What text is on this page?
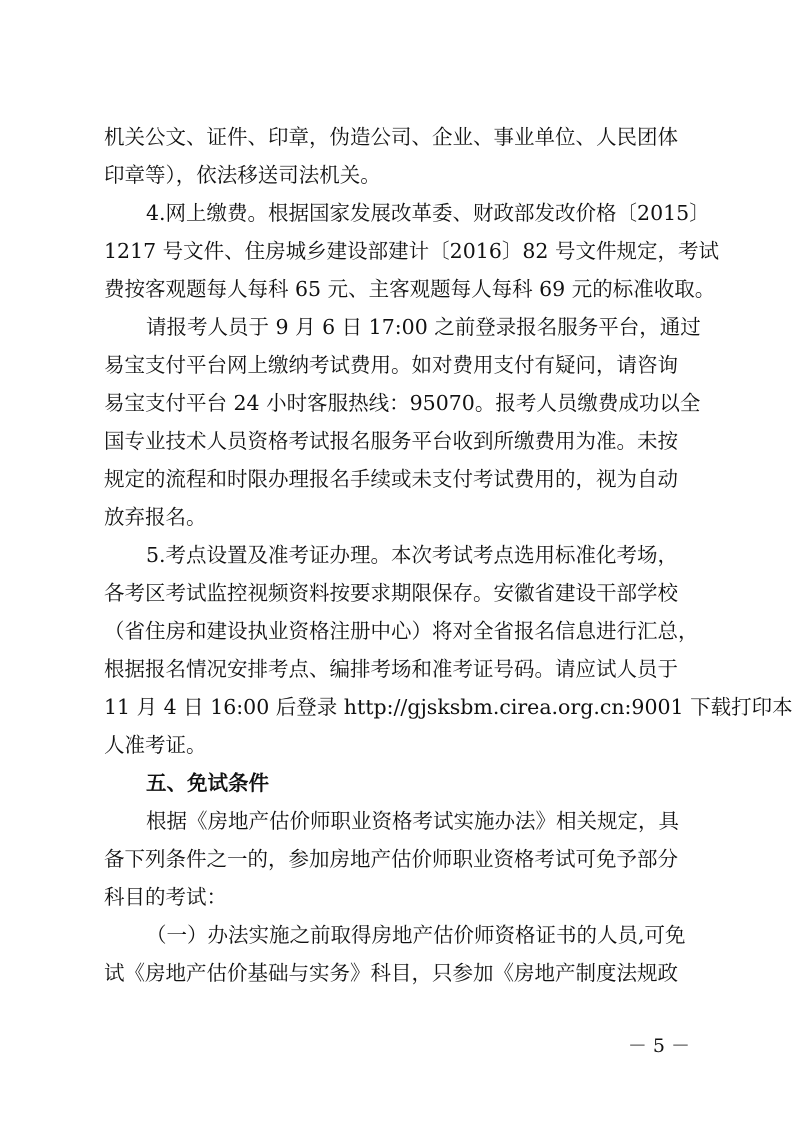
机关公文、证件、印章，伪造公司、企业、事业单位、人民团体
印章等），依法移送司法机关。
4.网上缴费。根据国家发展改革委、财政部发改价格〔2015〕
1217 号文件、住房城乡建设部建计〔2016〕82 号文件规定，考试
费按客观题每人每科 65 元、主客观题每人每科 69 元的标准收取。
请报考人员于 9 月 6 日 17:00 之前登录报名服务平台，通过
易宝支付平台网上缴纳考试费用。如对费用支付有疑问，请咨询
易宝支付平台 24 小时客服热线：95070。报考人员缴费成功以全
国专业技术人员资格考试报名服务平台收到所缴费用为准。未按
规定的流程和时限办理报名手续或未支付考试费用的，视为自动
放弃报名。
5.考点设置及准考证办理。本次考试考点选用标准化考场，
各考区考试监控视频资料按要求期限保存。安徽省建设干部学校
（省住房和建设执业资格注册中心）将对全省报名信息进行汇总，
根据报名情况安排考点、编排考场和准考证号码。请应试人员于
11 月 4 日 16:00 后登录 http://gjsksbm.cirea.org.cn:9001 下载打印本
人准考证。
五、免试条件
根据《房地产估价师职业资格考试实施办法》相关规定，具
备下列条件之一的，参加房地产估价师职业资格考试可免予部分
科目的考试：
（一）办法实施之前取得房地产估价师资格证书的人员,可免
试《房地产估价基础与实务》科目，只参加《房地产制度法规政
－ 5 －
